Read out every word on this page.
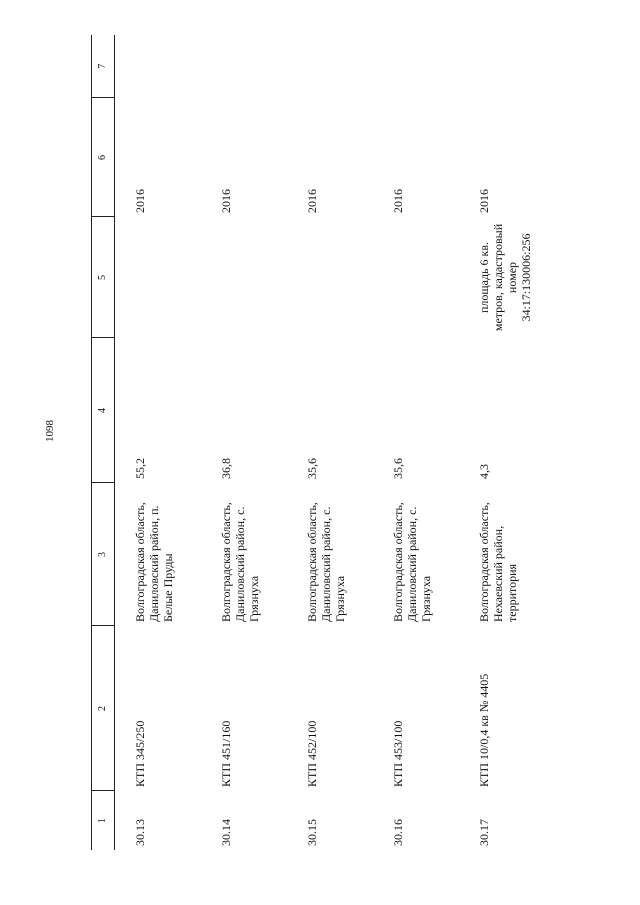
1098
1	2	3	4	5	6	7
30.13	КТП 345/250	Волгоградская область, Даниловский район, п. Белые Пруды	55,2		2016	
30.14	КТП 451/160	Волгоградская область, Даниловский район, с. Грязнуха	36,8		2016	
30.15	КТП 452/100	Волгоградская область, Даниловский район, с. Грязнуха	35,6		2016	
30.16	КТП 453/100	Волгоградская область, Даниловский район, с. Грязнуха	35,6		2016	
30.17	КТП 10/0,4 кв № 4405	Волгоградская область, Нехаевский район, территория	4,3	площадь 6 кв. метров, кадастровый номер 34:17:130006:256	2016	
